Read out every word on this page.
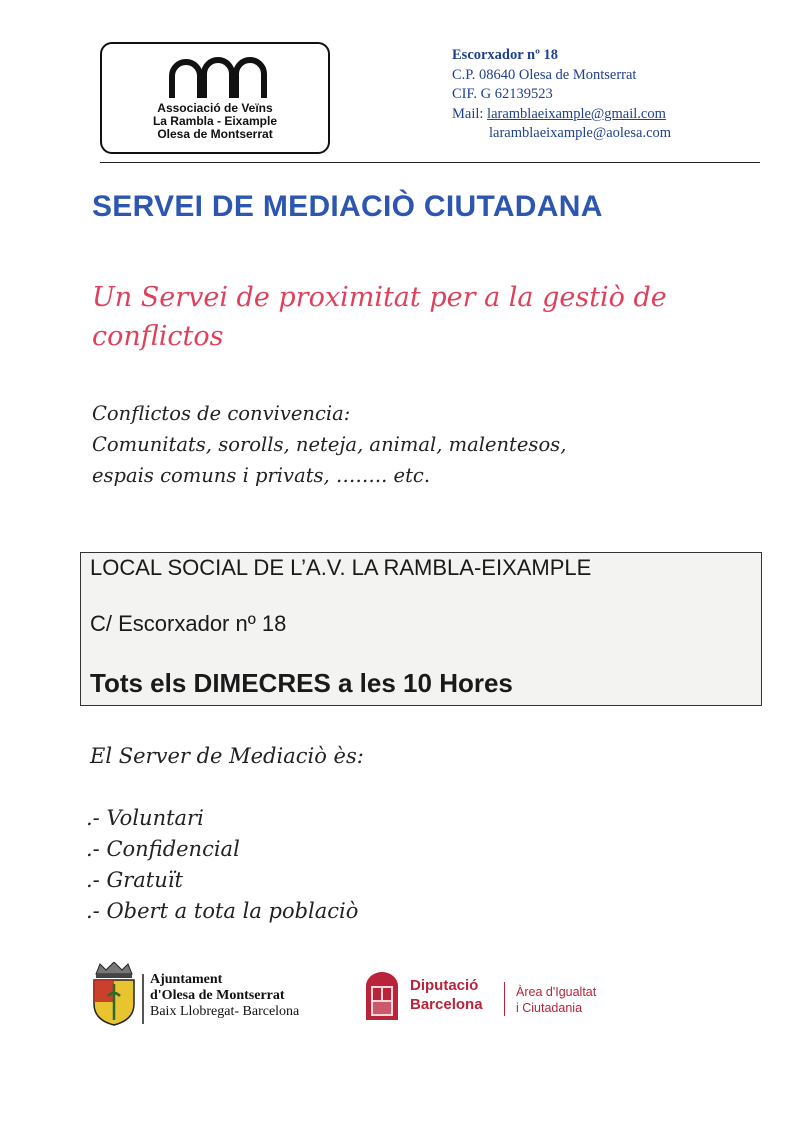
Associació de Veïns
La Rambla - Eixample
Olesa de Montserrat
Escorxador nº 18
C.P. 08640 Olesa de Montserrat
CIF. G 62139523
Mail: laramblaeixample@gmail.com
laramblaeixample@aolesa.com
SERVEI DE MEDIACIÒ CIUTADANA
Un Servei de proximitat per a la gestiò de conflictos
Conflictos de convivencia:
Comunitats, sorolls, neteja, animal, malentesos,
espais comuns i privats, …….. etc.
LOCAL SOCIAL DE L’A.V. LA RAMBLA-EIXAMPLE
C/ Escorxador nº 18
Tots els DIMECRES a les 10 Hores
El Server de Mediaciò ès:
.- Voluntari
.- Confidencial
.- Gratuït
.- Obert a tota la poblaciò
Ajuntament
d'Olesa de Montserrat
Baix Llobregat- Barcelona
Diputació
Barcelona
Àrea d'Igualtat
i Ciutadania
